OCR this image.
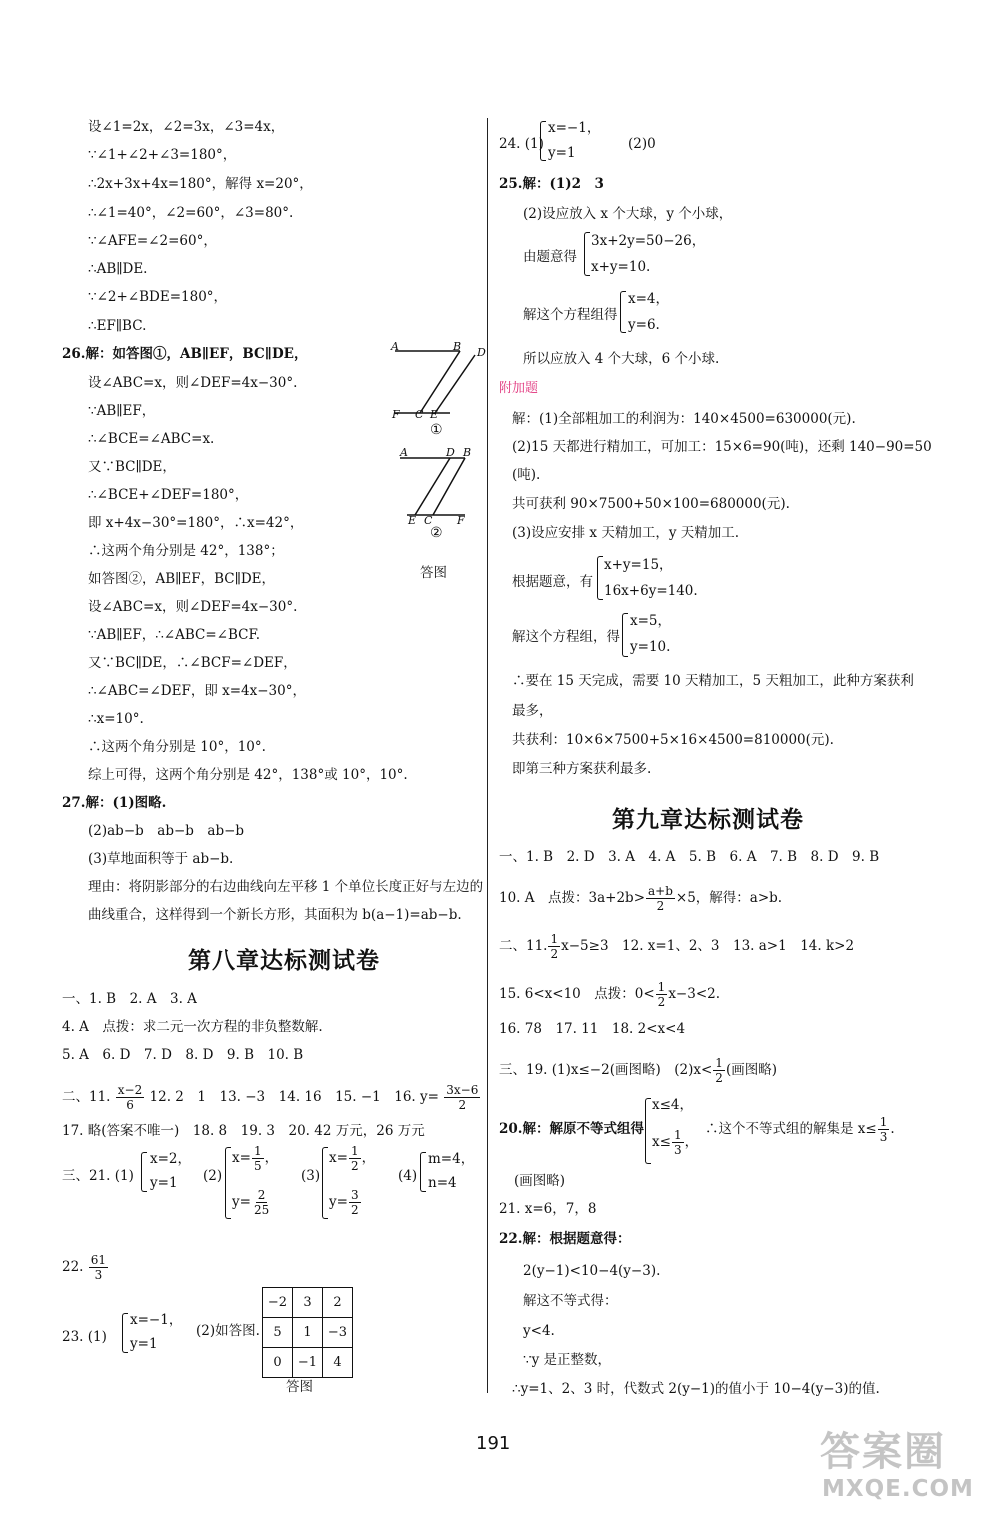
设∠1=2x，∠2=3x，∠3=4x，
∵∠1+∠2+∠3=180°，
∴2x+3x+4x=180°，解得 x=20°，
∴∠1=40°，∠2=60°，∠3=80°.
∵∠AFE=∠2=60°，
∴AB∥DE.
∵∠2+∠BDE=180°，
∴EF∥BC.
26.解：如答图①，AB∥EF，BC∥DE，
设∠ABC=x，则∠DEF=4x−30°.
∵AB∥EF，
∴∠BCE=∠ABC=x.
又∵BC∥DE，
∴∠BCE+∠DEF=180°，
即 x+4x−30°=180°，∴x=42°，
∴这两个角分别是 42°，138°；
如答图②，AB∥EF，BC∥DE，
设∠ABC=x，则∠DEF=4x−30°.
∵AB∥EF，∴∠ABC=∠BCF.
又∵BC∥DE，∴∠BCF=∠DEF，
∴∠ABC=∠DEF，即 x=4x−30°，
∴x=10°.
∴这两个角分别是 10°，10°.
综上可得，这两个角分别是 42°，138°或 10°，10°.
27.解：(1)图略.
(2)ab−b　ab−b　ab−b
(3)草地面积等于 ab−b.
理由：将阴影部分的右边曲线向左平移 1 个单位长度正好与左边的
曲线重合，这样得到一个新长方形，其面积为 b(a−1)=ab−b.
A	B D
F C E
①
A	D B
E C F
②
答图
第八章达标测试卷
一、1. B　2. A　3. A
4. A　点拨：求二元一次方程的非负整数解.
5. A　6. D　7. D　8. D　9. B　10. B
二、11. $\frac{x-2}{6} 12$. 2　1　13. −3　14. 16　15. −1　16. $y= \frac{3x-6}{2}$
17. 略(答案不唯一)　18. 8　19. 3　20. 42 万元，26 万元
三、21. (1)
x=2，
y=1 (2)
$x= \frac{1}{5}$ ，
$y= \frac{2}{25}$
(3)
$x= \frac{1}{2}$ ，
$y= \frac{3}{2}$
(4)
m=4，
n=4
22. $\frac{61}{3}$
23. (1)
x=−1，
y=1
(2)如答图.
−2	3	2
5	1	−3
0	−1	4
答图
24. (1)
x=−1，
y=1
(2)0
25.解：(1)2　3
(2)设应放入 x 个大球，y 个小球，
由题意得
3x+2y=50−26，
x+y=10.
解这个方程组得
x=4，
y=6.
所以应放入 4 个大球，6 个小球.
附加题
解：(1)全部粗加工的利润为：140×4500=630000(元).
(2)15 天都进行精加工，可加工：15×6=90(吨)，还剩 140−90=50
(吨).
共可获利 90×7500+50×100=680000(元).
(3)设应安排 x 天精加工，y 天精加工.
根据题意，有
x+y=15，
16x+6y=140.
解这个方程组，得
x=5，
y=10.
∴要在 15 天完成，需要 10 天精加工，5 天粗加工，此种方案获利
最多，
共获利：10×6×7500+5×16×4500=810000(元).
即第三种方案获利最多.
第九章达标测试卷
一、1. B　2. D　3. A　4. A　5. B　6. A　7. B　8. D　9. B
10. A　点拨：$3a+2b> \frac{a+b}{2} \times 5$，解得：a>b.
二、11. $\frac{1}{2} x-5\ge 3$　12. x=1、2、3　13. a>1　14. k>2
15. 6<x<10　点拨：$0< \frac{1}{2} x-3<2$.
16. 78　17. 11　18. 2<x<4
三、19. (1)x≤−2(画图略)　$(2)x< \frac{1}{2}$ (画图略)
20.解：解原不等式组得
x≤4，
$x\le \frac{1}{3}$ ，
∴这个不等式组的解集是 $x\le \frac{1}{3}$ .
(画图略)
21. x=6，7，8
22.解：根据题意得：
2(y−1)<10−4(y−3).
解这不等式得：
y<4.
∵y 是正整数，
∴y=1、2、3 时，代数式 2(y−1)的值小于 10−4(y−3)的值.
191	答案圈
MXQE.COM
